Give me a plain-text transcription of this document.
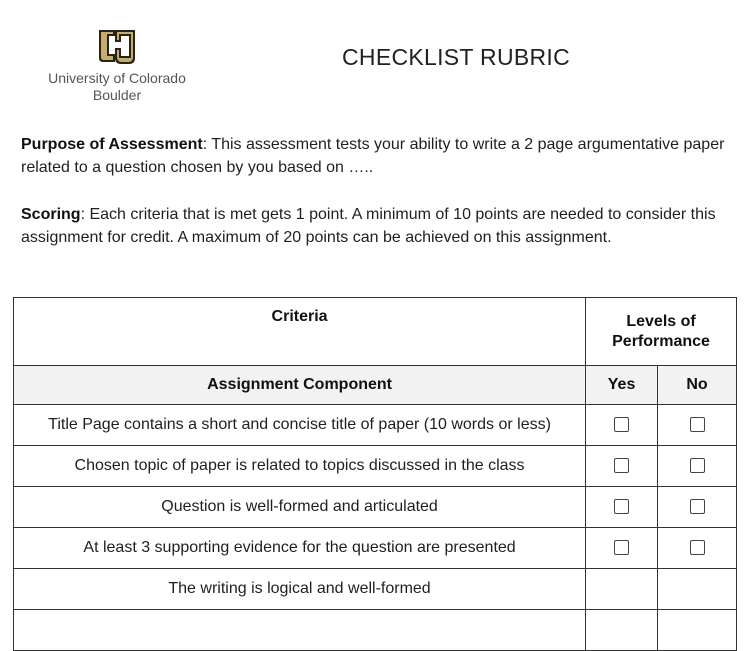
University of Colorado
Boulder
CHECKLIST RUBRIC
Purpose of Assessment: This assessment tests your ability to write a 2 page argumentative paper related to a question chosen by you based on …..
Scoring: Each criteria that is met gets 1 point. A minimum of 10 points are needed to consider this assignment for credit. A maximum of 20 points can be achieved on this assignment.
Criteria	Levels of
Performance	

Assignment Component	Yes	No
Title Page contains a short and concise title of paper (10 words or less)		
Chosen topic of paper is related to topics discussed in the class		
Question is well-formed and articulated		
At least 3 supporting evidence for the question are presented		
The writing is logical and well-formed		
